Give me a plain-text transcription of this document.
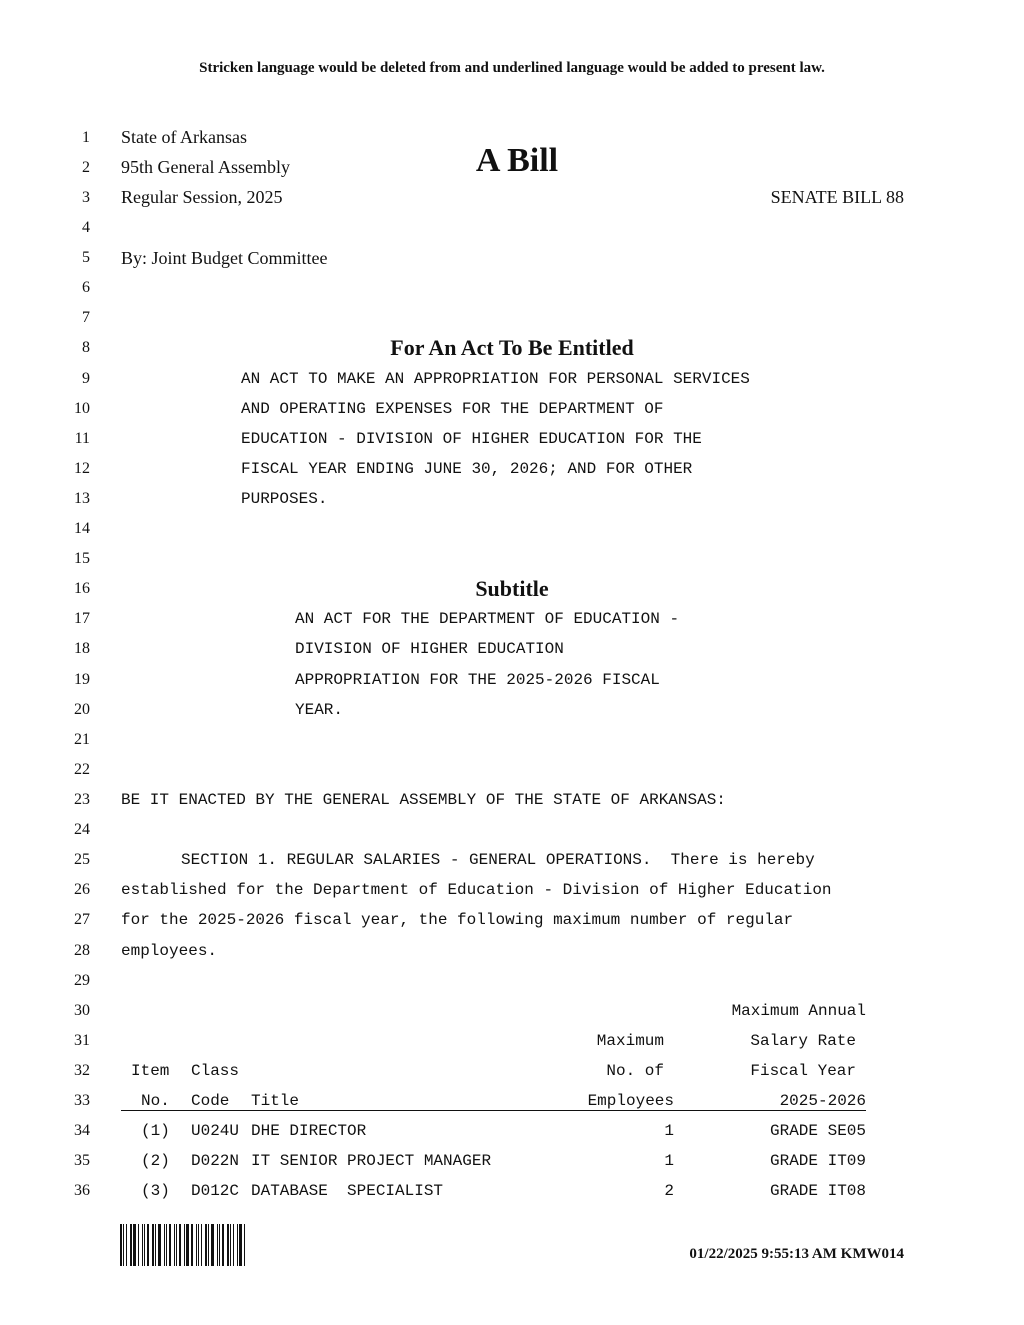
Stricken language would be deleted from and underlined language would be added to present law.
1
2
3
4
5
6
7
8
9
10
11
12
13
14
15
16
17
18
19
20
21
22
23
24
25
26
27
28
29
30
31
32
33
34
35
36
State of Arkansas
95th General Assembly	A Bill
Regular Session, 2025	SENATE BILL 88
By: Joint Budget Committee
For An Act To Be Entitled
AN ACT TO MAKE AN APPROPRIATION FOR PERSONAL SERVICES
AND OPERATING EXPENSES FOR THE DEPARTMENT OF
EDUCATION - DIVISION OF HIGHER EDUCATION FOR THE
FISCAL YEAR ENDING JUNE 30, 2026; AND FOR OTHER
PURPOSES.
Subtitle
AN ACT FOR THE DEPARTMENT OF EDUCATION -
DIVISION OF HIGHER EDUCATION
APPROPRIATION FOR THE 2025-2026 FISCAL
YEAR.
BE IT ENACTED BY THE GENERAL ASSEMBLY OF THE STATE OF ARKANSAS:
SECTION 1. REGULAR SALARIES - GENERAL OPERATIONS.  There is hereby
established for the Department of Education - Division of Higher Education
for the 2025-2026 fiscal year, the following maximum number of regular
employees.
Maximum Annual
Maximum	Salary Rate
Item Class	No. of	Fiscal Year
No. Code Title	Employees	2025-2026
(1) U024U DHE DIRECTOR	1	GRADE SE05
(2) D022N IT SENIOR PROJECT MANAGER	1	GRADE IT09
(3) D012C DATABASE  SPECIALIST	2	GRADE IT08
01/22/2025 9:55:13 AM KMW014
